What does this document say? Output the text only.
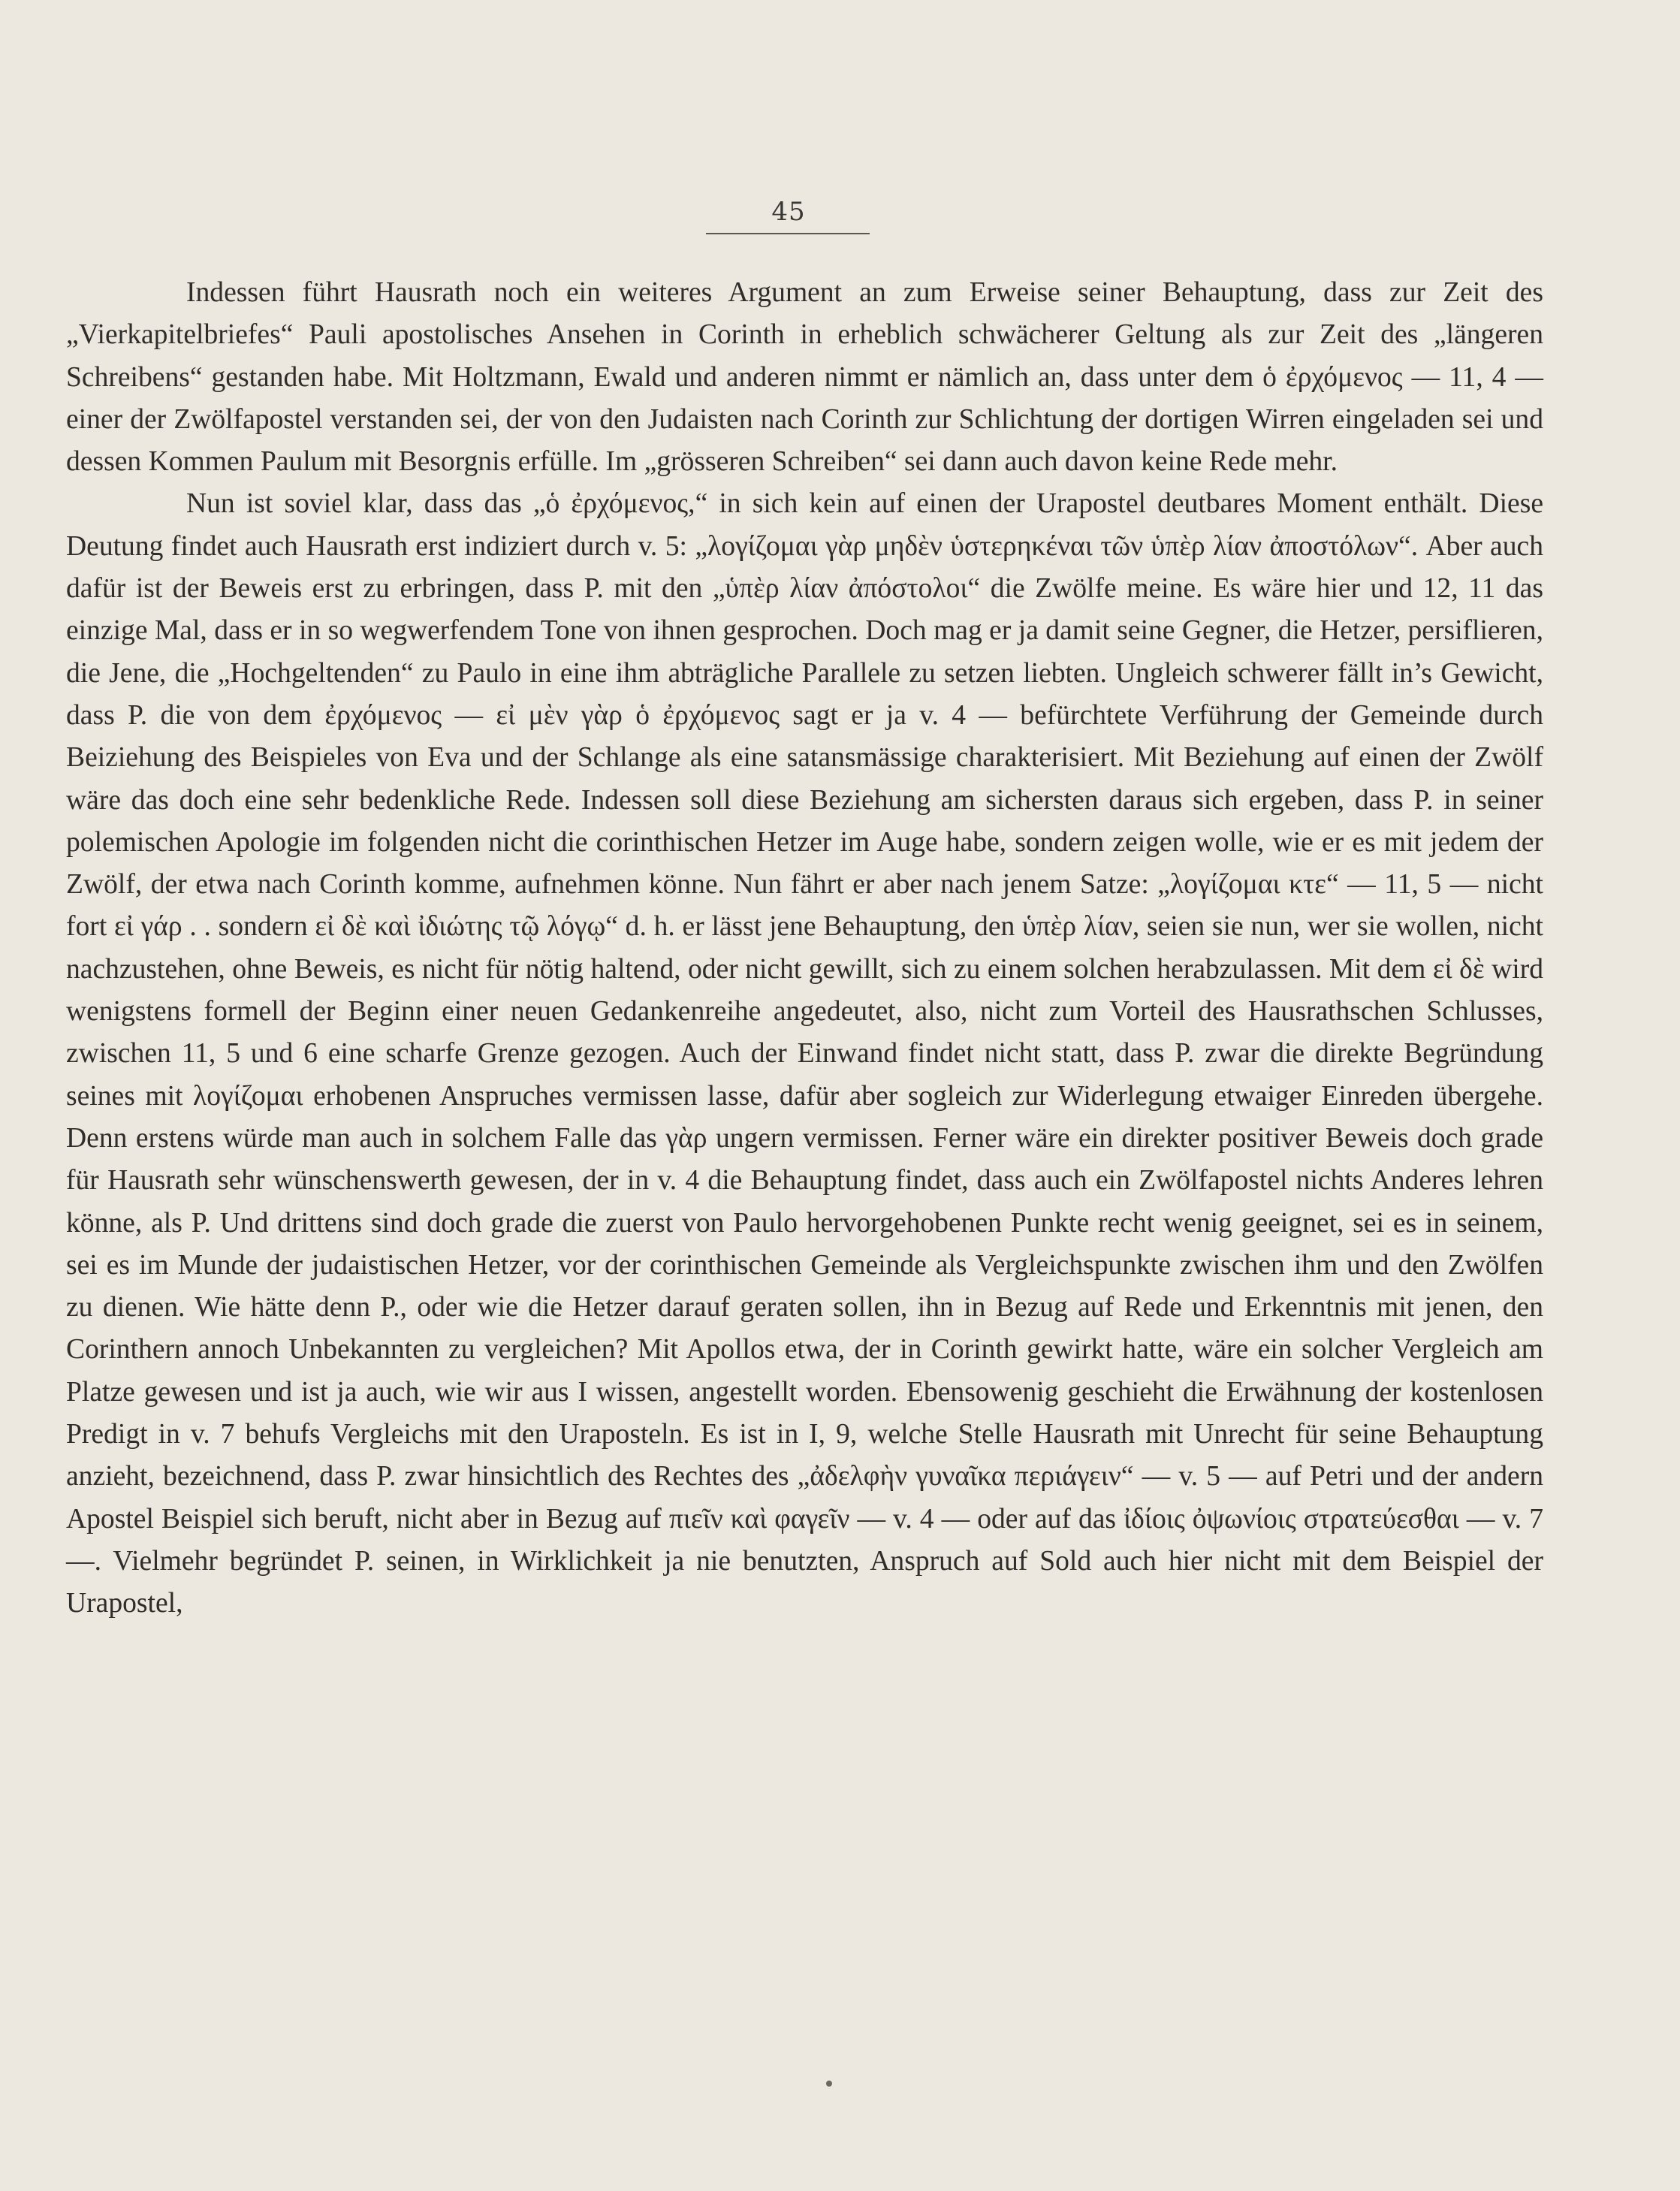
45

Indessen führt Hausrath noch ein weiteres Argument an zum Erweise seiner Behauptung, dass zur Zeit des „Vierkapitelbriefes“ Pauli apostolisches Ansehen in Corinth in erheblich schwächerer Geltung als zur Zeit des „längeren Schreibens“ gestanden habe. Mit Holtzmann, Ewald und anderen nimmt er nämlich an, dass unter dem ὁ ἐρχόμενος — 11, 4 — einer der Zwölfapostel verstanden sei, der von den Judaisten nach Corinth zur Schlichtung der dortigen Wirren eingeladen sei und dessen Kommen Paulum mit Besorgnis erfülle. Im „grösseren Schreiben“ sei dann auch davon keine Rede mehr.

Nun ist soviel klar, dass das „ὁ ἐρχόμενος,“ in sich kein auf einen der Urapostel deutbares Moment enthält. Diese Deutung findet auch Hausrath erst indiziert durch v. 5: „λογίζομαι γὰρ μηδὲν ὑστερηκέναι τῶν ὑπὲρ λίαν ἀποστόλων“. Aber auch dafür ist der Beweis erst zu erbringen, dass P. mit den „ὑπὲρ λίαν ἀπόστολοι“ die Zwölfe meine. Es wäre hier und 12, 11 das einzige Mal, dass er in so wegwerfendem Tone von ihnen gesprochen. Doch mag er ja damit seine Gegner, die Hetzer, persiflieren, die Jene, die „Hochgeltenden“ zu Paulo in eine ihm abträgliche Parallele zu setzen liebten. Ungleich schwerer fällt in’s Gewicht, dass P. die von dem ἐρχόμενος — εἰ μὲν γὰρ ὁ ἐρχόμενος sagt er ja v. 4 — befürchtete Verführung der Gemeinde durch Beiziehung des Beispieles von Eva und der Schlange als eine satansmässige charakterisiert. Mit Beziehung auf einen der Zwölf wäre das doch eine sehr bedenkliche Rede. Indessen soll diese Beziehung am sichersten daraus sich ergeben, dass P. in seiner polemischen Apologie im folgenden nicht die corinthischen Hetzer im Auge habe, sondern zeigen wolle, wie er es mit jedem der Zwölf, der etwa nach Corinth komme, aufnehmen könne. Nun fährt er aber nach jenem Satze: „λογίζομαι κτε“ — 11, 5 — nicht fort εἰ γάρ . . sondern εἰ δὲ καὶ ἰδιώτης τῷ λόγῳ“ d. h. er lässt jene Behauptung, den ὑπὲρ λίαν, seien sie nun, wer sie wollen, nicht nachzustehen, ohne Beweis, es nicht für nötig haltend, oder nicht gewillt, sich zu einem solchen herabzulassen. Mit dem εἰ δὲ wird wenigstens formell der Beginn einer neuen Gedankenreihe angedeutet, also, nicht zum Vorteil des Hausrathschen Schlusses, zwischen 11, 5 und 6 eine scharfe Grenze gezogen. Auch der Einwand findet nicht statt, dass P. zwar die direkte Begründung seines mit λογίζομαι erhobenen Anspruches vermissen lasse, dafür aber sogleich zur Widerlegung etwaiger Einreden übergehe. Denn erstens würde man auch in solchem Falle das γὰρ ungern vermissen. Ferner wäre ein direkter positiver Beweis doch grade für Hausrath sehr wünschenswerth gewesen, der in v. 4 die Behauptung findet, dass auch ein Zwölfapostel nichts Anderes lehren könne, als P. Und drittens sind doch grade die zuerst von Paulo hervorgehobenen Punkte recht wenig geeignet, sei es in seinem, sei es im Munde der judaistischen Hetzer, vor der corinthischen Gemeinde als Vergleichspunkte zwischen ihm und den Zwölfen zu dienen. Wie hätte denn P., oder wie die Hetzer darauf geraten sollen, ihn in Bezug auf Rede und Erkenntnis mit jenen, den Corinthern annoch Unbekannten zu vergleichen? Mit Apollos etwa, der in Corinth gewirkt hatte, wäre ein solcher Vergleich am Platze gewesen und ist ja auch, wie wir aus I wissen, angestellt worden. Ebensowenig geschieht die Erwähnung der kostenlosen Predigt in v. 7 behufs Vergleichs mit den Uraposteln. Es ist in I, 9, welche Stelle Hausrath mit Unrecht für seine Behauptung anzieht, bezeichnend, dass P. zwar hinsichtlich des Rechtes des „ἀδελφὴν γυναῖκα περιάγειν“ — v. 5 — auf Petri und der andern Apostel Beispiel sich beruft, nicht aber in Bezug auf πιεῖν καὶ φαγεῖν — v. 4 — oder auf das ἰδίοις ὀψωνίοις στρατεύεσθαι — v. 7 —. Vielmehr begründet P. seinen, in Wirklichkeit ja nie benutzten, Anspruch auf Sold auch hier nicht mit dem Beispiel der Urapostel,
